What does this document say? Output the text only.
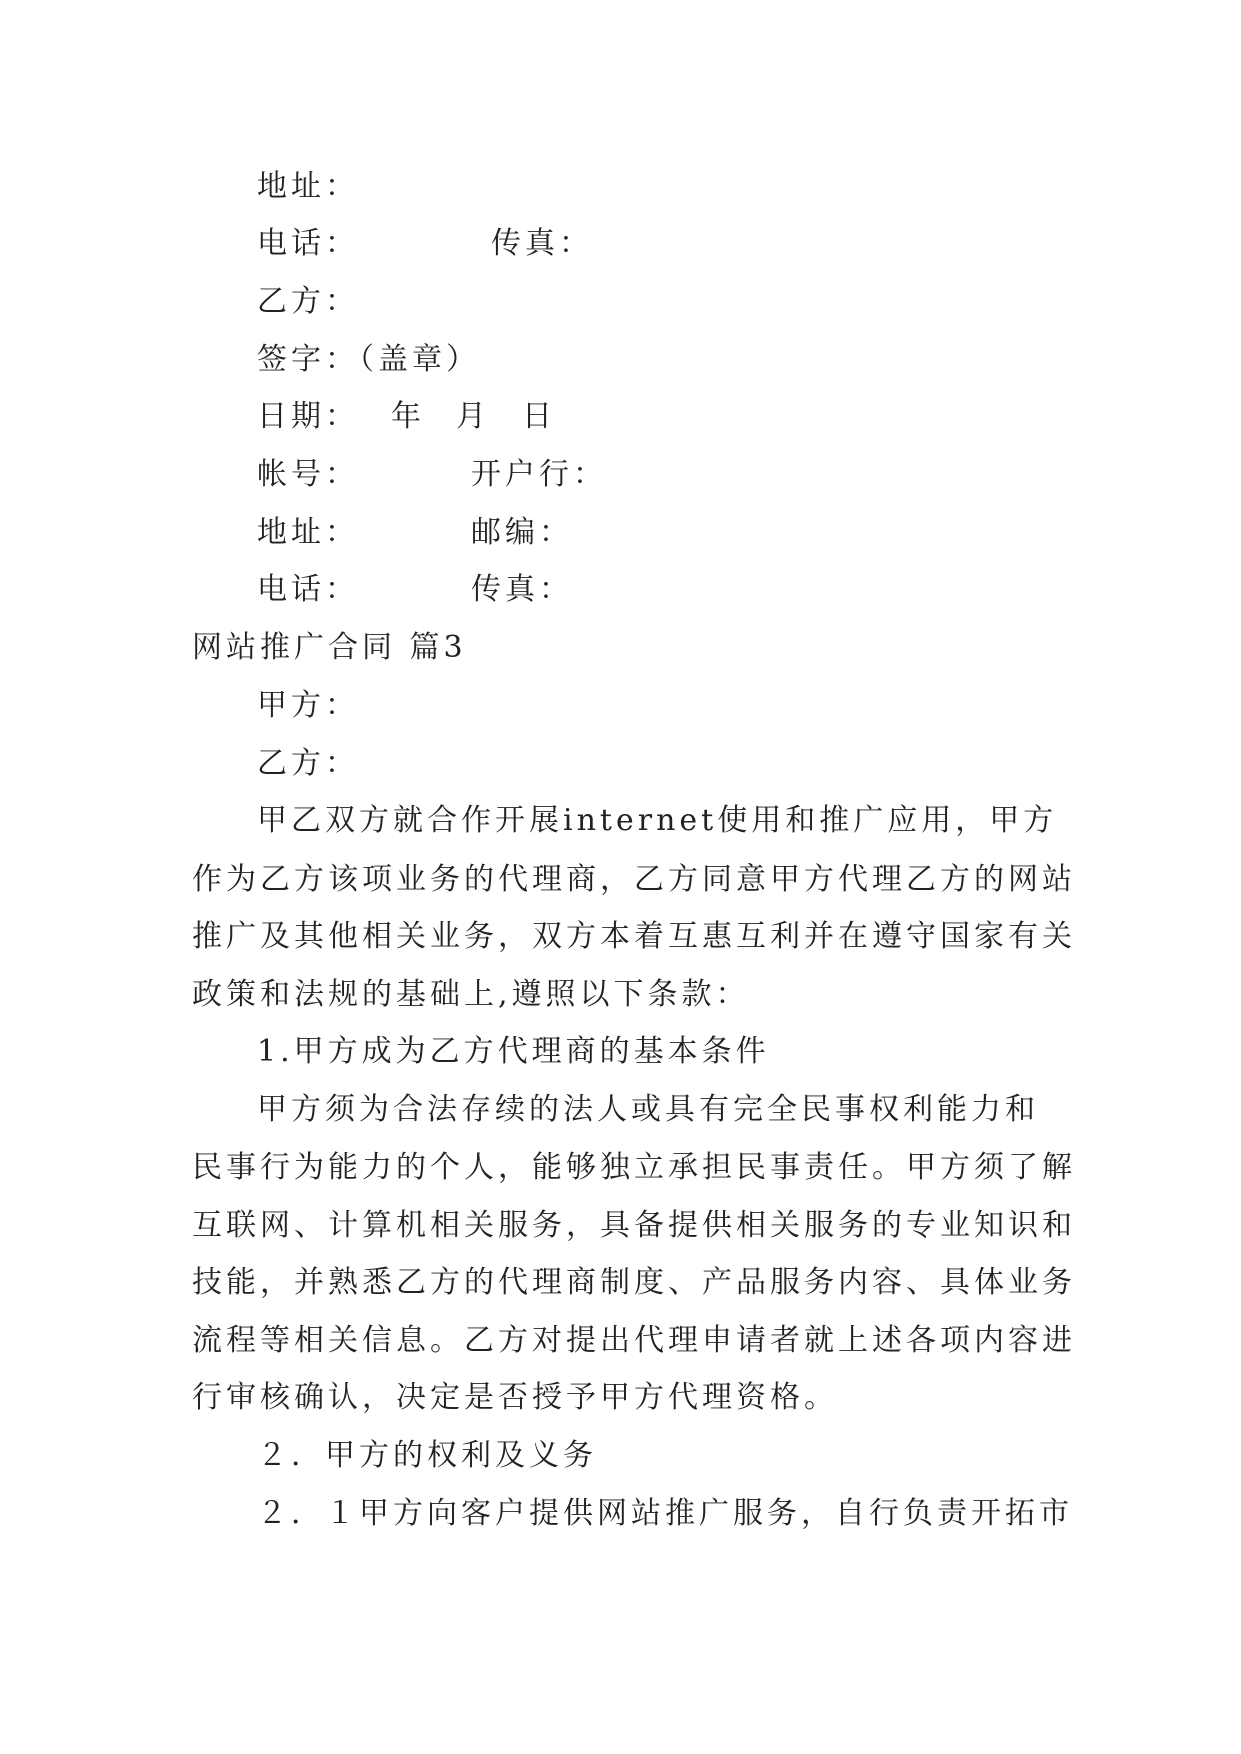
地址：
电话：	传真：
乙方：
签字：（盖章）
日期： 年 月 日
帐号：	开户行：
地址：	邮编：
电话：	传真：
网站推广合同 篇3
甲方：
乙方：
甲乙双方就合作开展internet使用和推广应用，甲方
作为乙方该项业务的代理商，乙方同意甲方代理乙方的网站
推广及其他相关业务，双方本着互惠互利并在遵守国家有关
政策和法规的基础上,遵照以下条款：
1.甲方成为乙方代理商的基本条件
甲方须为合法存续的法人或具有完全民事权利能力和
民事行为能力的个人，能够独立承担民事责任。甲方须了解
互联网、计算机相关服务，具备提供相关服务的专业知识和
技能，并熟悉乙方的代理商制度、产品服务内容、具体业务
流程等相关信息。乙方对提出代理申请者就上述各项内容进
行审核确认，决定是否授予甲方代理资格。
２．甲方的权利及义务
２．１甲方向客户提供网站推广服务，自行负责开拓市
